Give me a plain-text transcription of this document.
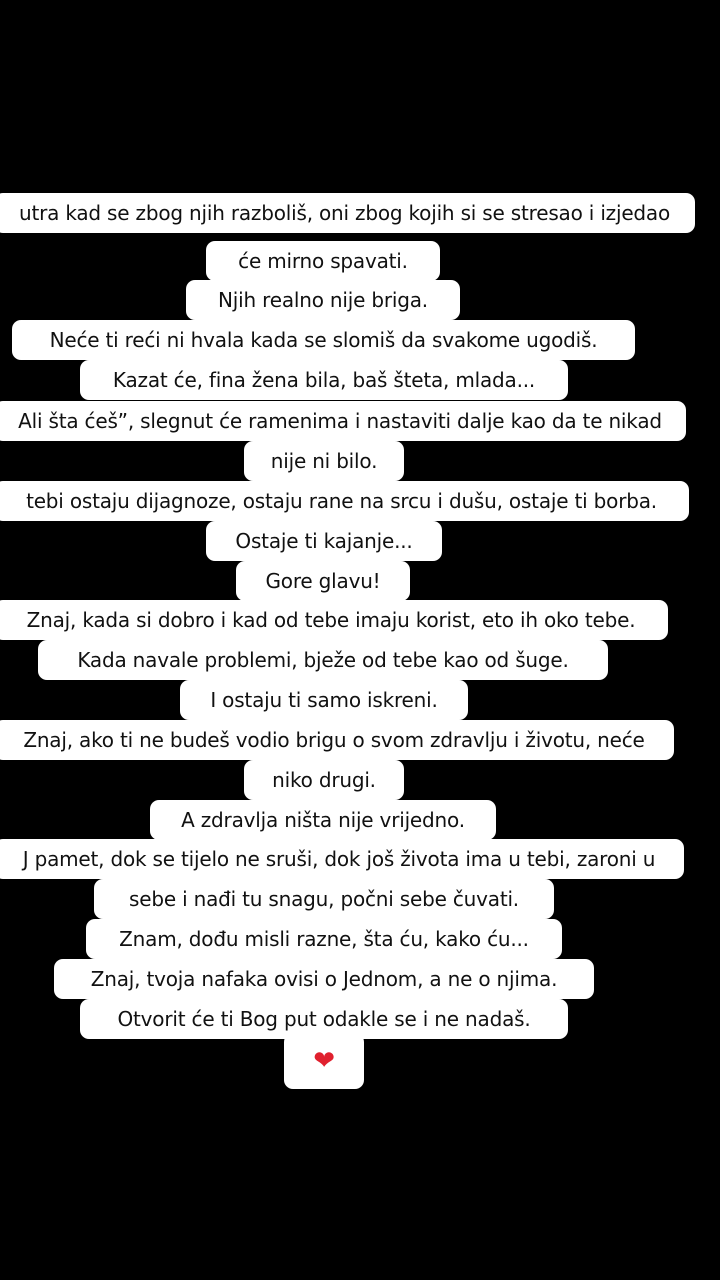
utra kad se zbog njih razboliš, oni zbog kojih si se stresao i izjedao
će mirno spavati.
Njih realno nije briga.
Neće ti reći ni hvala kada se slomiš da svakome ugodiš.
Kazat će, fina žena bila, baš šteta, mlada...
Ali šta ćeš”, slegnut će ramenima i nastaviti dalje kao da te nikad
nije ni bilo.
tebi ostaju dijagnoze, ostaju rane na srcu i dušu, ostaje ti borba.
Ostaje ti kajanje...
Gore glavu!
Znaj, kada si dobro i kad od tebe imaju korist, eto ih oko tebe.
Kada navale problemi, bježe od tebe kao od šuge.
I ostaju ti samo iskreni.
Znaj, ako ti ne budeš vodio brigu o svom zdravlju i životu, neće
niko drugi.
A zdravlja ništa nije vrijedno.
J pamet, dok se tijelo ne sruši, dok još života ima u tebi, zaroni u
sebe i nađi tu snagu, počni sebe čuvati.
Znam, dođu misli razne, šta ću, kako ću...
Znaj, tvoja nafaka ovisi o Jednom, a ne o njima.
Otvorit će ti Bog put odakle se i ne nadaš.
❤
